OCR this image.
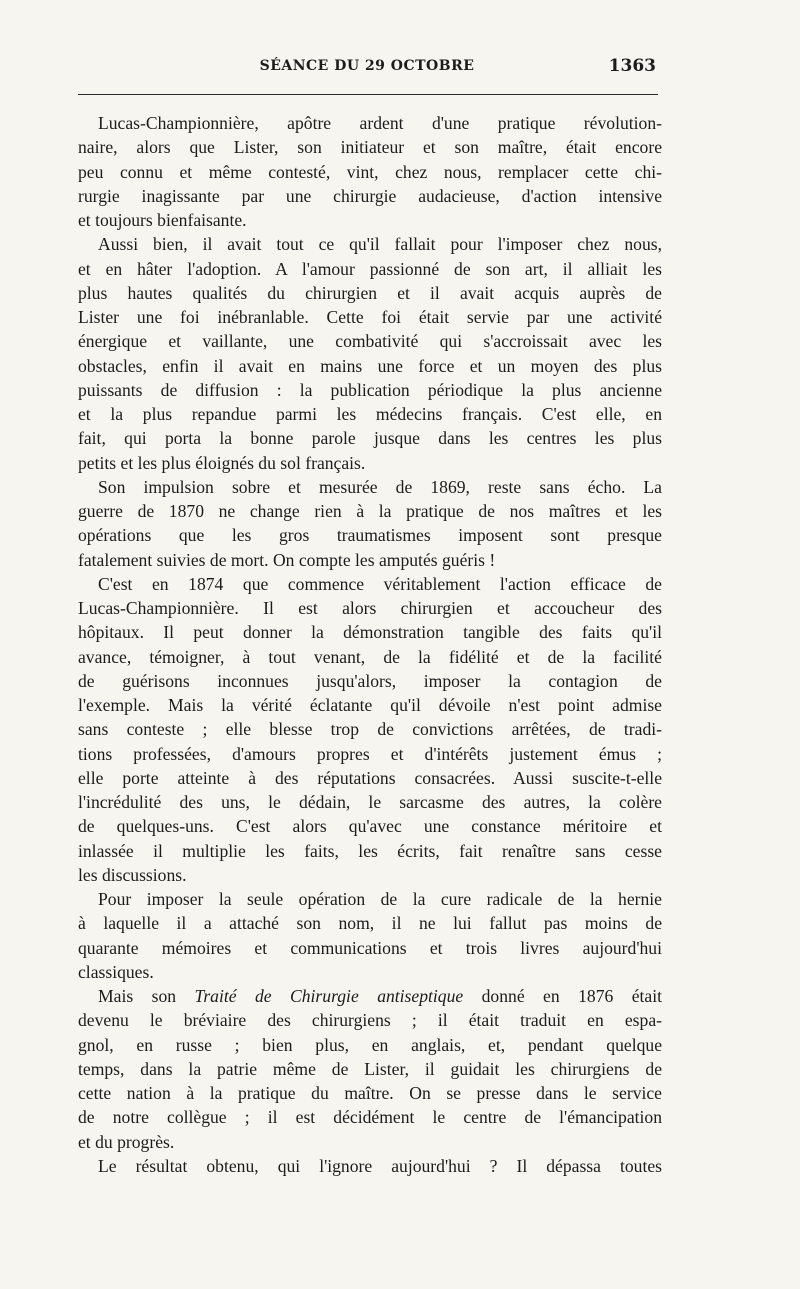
SÉANCE DU 29 OCTOBRE	1363
Lucas-Championnière, apôtre ardent d'une pratique révolution-
naire, alors que Lister, son initiateur et son maître, était encore
peu connu et même contesté, vint, chez nous, remplacer cette chi-
rurgie inagissante par une chirurgie audacieuse, d'action intensive
et toujours bienfaisante.
Aussi bien, il avait tout ce qu'il fallait pour l'imposer chez nous,
et en hâter l'adoption. A l'amour passionné de son art, il alliait les
plus hautes qualités du chirurgien et il avait acquis auprès de
Lister une foi inébranlable. Cette foi était servie par une activité
énergique et vaillante, une combativité qui s'accroissait avec les
obstacles, enfin il avait en mains une force et un moyen des plus
puissants de diffusion : la publication périodique la plus ancienne
et la plus repandue parmi les médecins français. C'est elle, en
fait, qui porta la bonne parole jusque dans les centres les plus
petits et les plus éloignés du sol français.
Son impulsion sobre et mesurée de 1869, reste sans écho. La
guerre de 1870 ne change rien à la pratique de nos maîtres et les
opérations que les gros traumatismes imposent sont presque
fatalement suivies de mort. On compte les amputés guéris !
C'est en 1874 que commence véritablement l'action efficace de
Lucas-Championnière. Il est alors chirurgien et accoucheur des
hôpitaux. Il peut donner la démonstration tangible des faits qu'il
avance, témoigner, à tout venant, de la fidélité et de la facilité
de guérisons inconnues jusqu'alors, imposer la contagion de
l'exemple. Mais la vérité éclatante qu'il dévoile n'est point admise
sans conteste ; elle blesse trop de convictions arrêtées, de tradi-
tions professées, d'amours propres et d'intérêts justement émus ;
elle porte atteinte à des réputations consacrées. Aussi suscite-t-elle
l'incrédulité des uns, le dédain, le sarcasme des autres, la colère
de quelques-uns. C'est alors qu'avec une constance méritoire et
inlassée il multiplie les faits, les écrits, fait renaître sans cesse
les discussions.
Pour imposer la seule opération de la cure radicale de la hernie
à laquelle il a attaché son nom, il ne lui fallut pas moins de
quarante mémoires et communications et trois livres aujourd'hui
classiques.
Mais son Traité de Chirurgie antiseptique donné en 1876 était
devenu le bréviaire des chirurgiens ; il était traduit en espa-
gnol, en russe ; bien plus, en anglais, et, pendant quelque
temps, dans la patrie même de Lister, il guidait les chirurgiens de
cette nation à la pratique du maître. On se presse dans le service
de notre collègue ; il est décidément le centre de l'émancipation
et du progrès.
Le résultat obtenu, qui l'ignore aujourd'hui ? Il dépassa toutes
